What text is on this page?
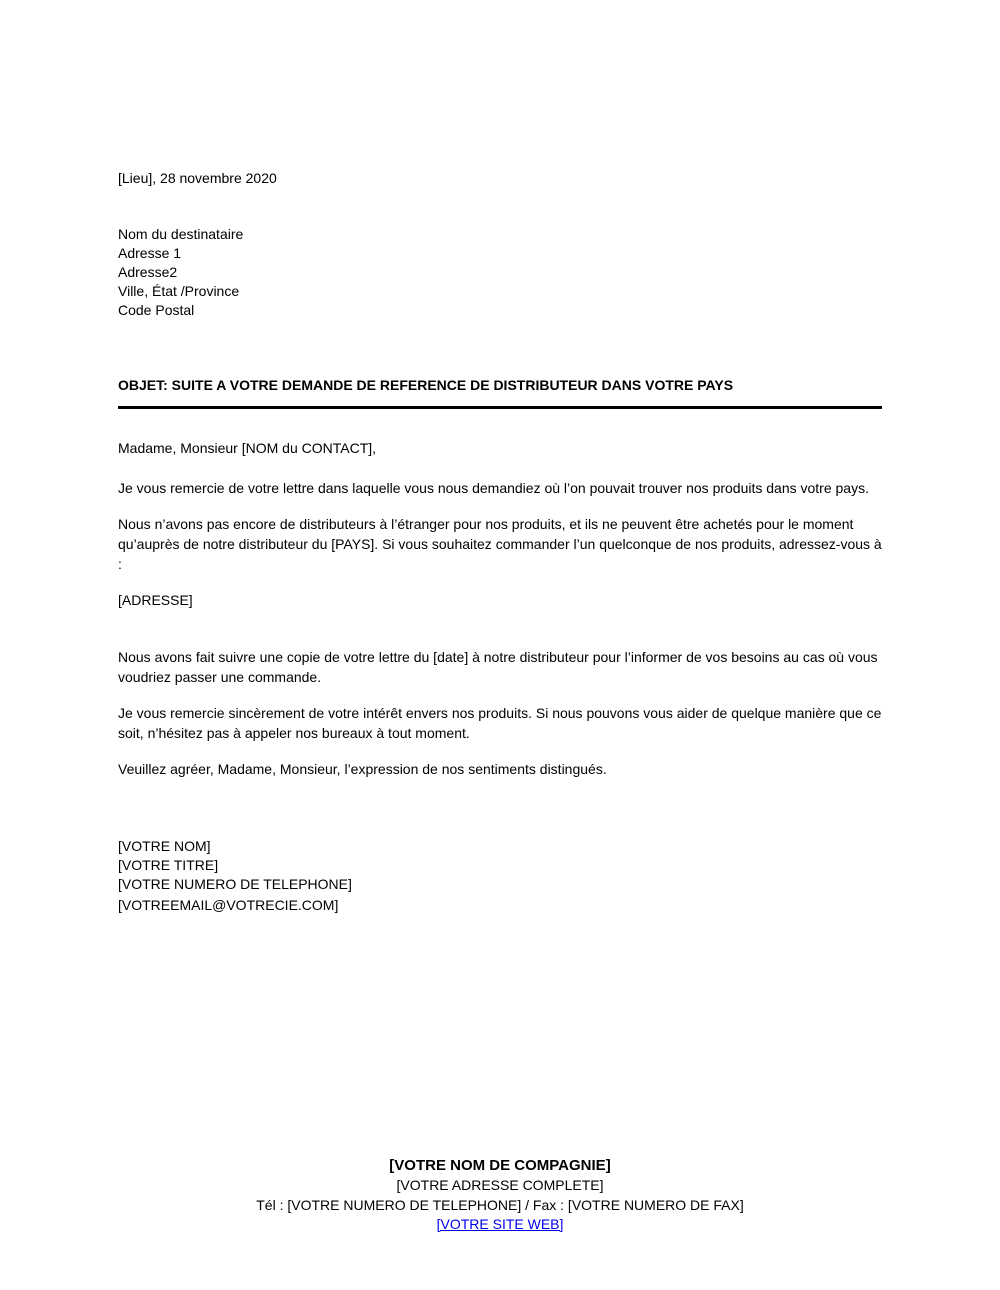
[Lieu], 28 novembre 2020
Nom du destinataire
Adresse 1
Adresse2
Ville, État /Province
Code Postal
OBJET: SUITE A VOTRE DEMANDE DE REFERENCE DE DISTRIBUTEUR DANS VOTRE PAYS
Madame, Monsieur [NOM du CONTACT],

Je vous remercie de votre lettre dans laquelle vous nous demandiez où l’on pouvait trouver nos produits dans votre pays.

Nous n’avons pas encore de distributeurs à l’étranger pour nos produits, et ils ne peuvent être achetés pour le moment qu’auprès de notre distributeur du [PAYS]. Si vous souhaitez commander l’un quelconque de nos produits, adressez-vous à :

[ADRESSE]

Nous avons fait suivre une copie de votre lettre du [date] à notre distributeur pour l’informer de vos besoins au cas où vous voudriez passer une commande.

Je vous remercie sincèrement de votre intérêt envers nos produits. Si nous pouvons vous aider de quelque manière que ce soit, n’hésitez pas à appeler nos bureaux à tout moment.

Veuillez agréer, Madame, Monsieur, l’expression de nos sentiments distingués.

[VOTRE NOM]
[VOTRE TITRE]
[VOTRE NUMERO DE TELEPHONE]
[VOTREEMAIL@VOTRECIE.COM]
[VOTRE NOM DE COMPAGNIE]
[VOTRE ADRESSE COMPLETE]
Tél : [VOTRE NUMERO DE TELEPHONE] / Fax : [VOTRE NUMERO DE FAX]
[VOTRE SITE WEB]
